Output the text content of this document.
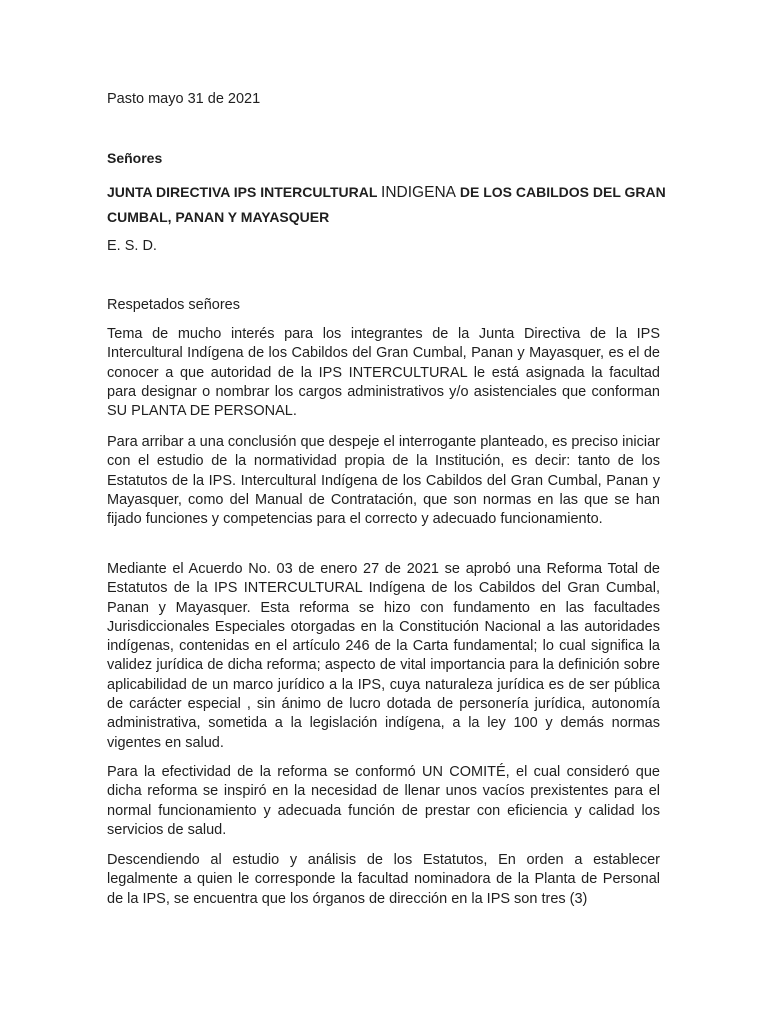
Pasto mayo 31 de 2021
Señores
JUNTA DIRECTIVA IPS INTERCULTURAL INDIGENA DE LOS CABILDOS DEL GRAN CUMBAL, PANAN Y MAYASQUER
E. S. D.
Respetados señores

Tema de mucho interés para los integrantes de la Junta Directiva de la IPS Intercultural Indígena de los Cabildos del Gran Cumbal, Panan y Mayasquer, es el de conocer a que autoridad de la IPS INTERCULTURAL le está asignada la facultad para designar o nombrar los cargos administrativos y/o asistenciales que conforman SU PLANTA DE PERSONAL.

Para arribar a una conclusión que despeje el interrogante planteado, es preciso iniciar con el estudio de la normatividad propia de la Institución, es decir: tanto de los Estatutos de la IPS. Intercultural Indígena de los Cabildos del Gran Cumbal, Panan y Mayasquer, como del Manual de Contratación, que son normas en las que se han fijado funciones y competencias para el correcto y adecuado funcionamiento.

Mediante el Acuerdo No. 03 de enero 27 de 2021 se aprobó una Reforma Total de Estatutos de la IPS INTERCULTURAL Indígena de los Cabildos del Gran Cumbal, Panan y Mayasquer. Esta reforma se hizo con fundamento en las facultades Jurisdiccionales Especiales otorgadas en la Constitución Nacional a las autoridades indígenas, contenidas en el artículo 246 de la Carta fundamental; lo cual significa la validez jurídica de dicha reforma; aspecto de vital importancia para la definición sobre aplicabilidad de un marco jurídico a la IPS, cuya naturaleza jurídica es de ser pública de carácter especial , sin ánimo de lucro dotada de personería jurídica, autonomía administrativa, sometida a la legislación indígena, a la ley 100 y demás normas vigentes en salud.

Para la efectividad de la reforma se conformó UN COMITÉ, el cual consideró que dicha reforma se inspiró en la necesidad de llenar unos vacíos prexistentes para el normal funcionamiento y adecuada función de prestar con eficiencia y calidad los servicios de salud.

Descendiendo al estudio y análisis de los Estatutos, En orden a establecer legalmente a quien le corresponde la facultad nominadora de la Planta de Personal de la IPS, se encuentra que los órganos de dirección en la IPS son tres (3)
